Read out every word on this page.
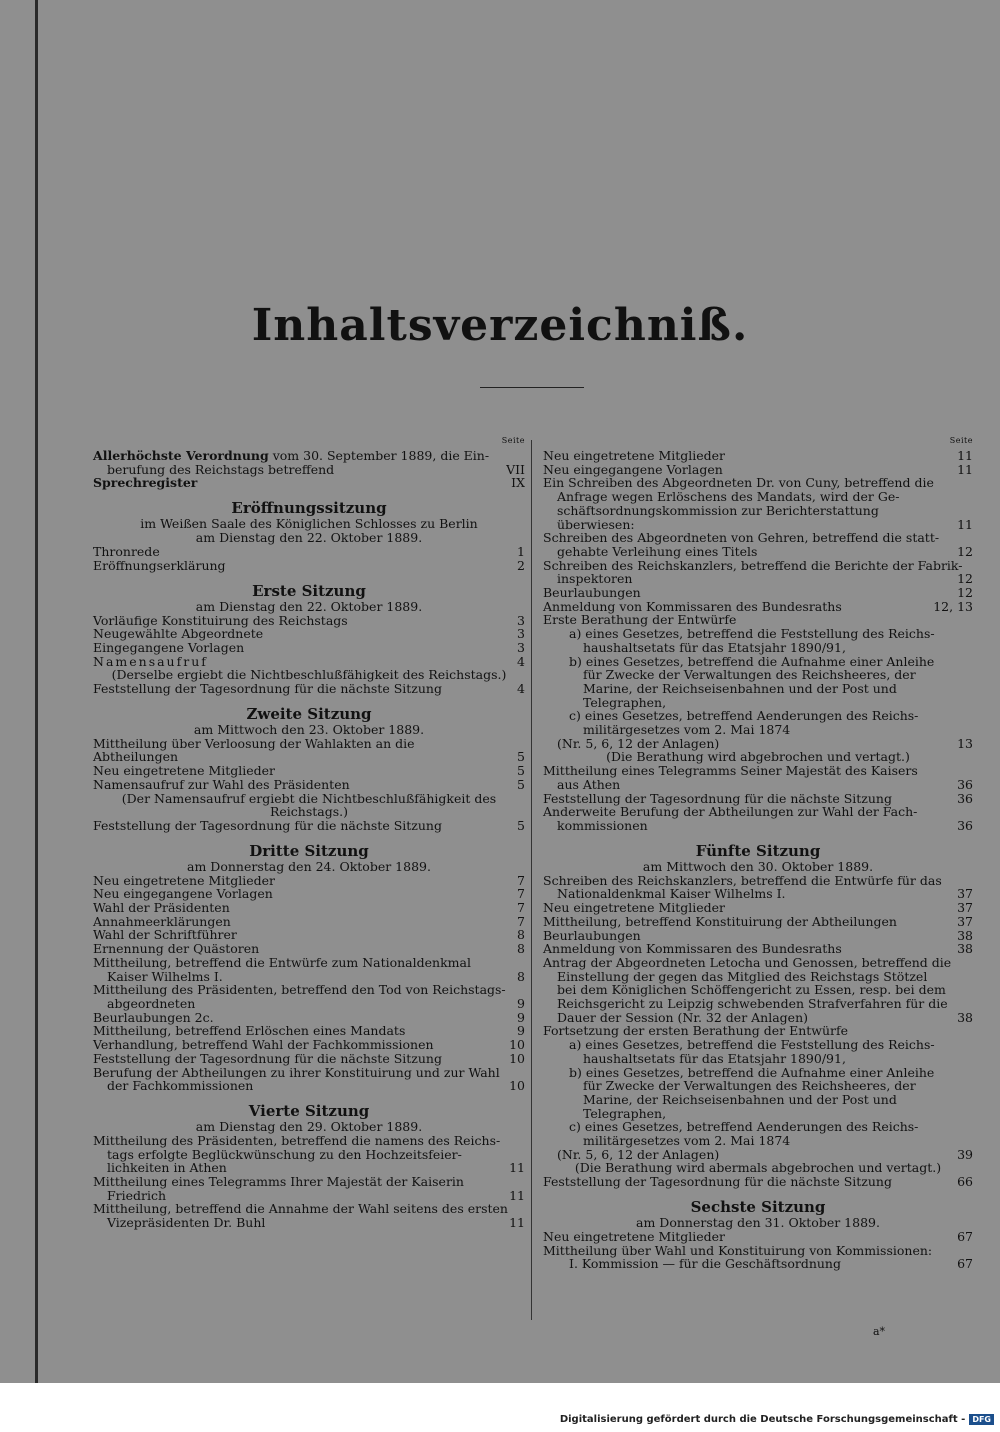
Inhaltsverzeichniß.
Seite
Allerhöchste Verordnung vom 30. September 1889, die Ein-
berufung des Reichstags betreffend	VII
Sprechregister	IX
Eröffnungssitzung
im Weißen Saale des Königlichen Schlosses zu Berlin
am Dienstag den 22. Oktober 1889.
Thronrede	1
Eröffnungserklärung	2
Erste Sitzung
am Dienstag den 22. Oktober 1889.
Vorläufige Konstituirung des Reichstags	3
Neugewählte Abgeordnete	3
Eingegangene Vorlagen	3
Namensaufruf	4
(Derselbe ergiebt die Nichtbeschlußfähigkeit des Reichstags.)
Feststellung der Tagesordnung für die nächste Sitzung	4
Zweite Sitzung
am Mittwoch den 23. Oktober 1889.
Mittheilung über Verloosung der Wahlakten an die Abtheilungen	5
Neu eingetretene Mitglieder	5
Namensaufruf zur Wahl des Präsidenten	5
(Der Namensaufruf ergiebt die Nichtbeschlußfähigkeit des
Reichstags.)
Feststellung der Tagesordnung für die nächste Sitzung	5
Dritte Sitzung
am Donnerstag den 24. Oktober 1889.
Neu eingetretene Mitglieder	7
Neu eingegangene Vorlagen	7
Wahl der Präsidenten	7
Annahmeerklärungen	7
Wahl der Schriftführer	8
Ernennung der Quästoren	8
Mittheilung, betreffend die Entwürfe zum Nationaldenkmal
Kaiser Wilhelms I.	8
Mittheilung des Präsidenten, betreffend den Tod von Reichstags-
abgeordneten	9
Beurlaubungen 2c.	9
Mittheilung, betreffend Erlöschen eines Mandats	9
Verhandlung, betreffend Wahl der Fachkommissionen	10
Feststellung der Tagesordnung für die nächste Sitzung	10
Berufung der Abtheilungen zu ihrer Konstituirung und zur Wahl
der Fachkommissionen	10
Vierte Sitzung
am Dienstag den 29. Oktober 1889.
Mittheilung des Präsidenten, betreffend die namens des Reichs-
tags erfolgte Beglückwünschung zu den Hochzeitsfeier-
lichkeiten in Athen	11
Mittheilung eines Telegramms Ihrer Majestät der Kaiserin
Friedrich	11
Mittheilung, betreffend die Annahme der Wahl seitens des ersten
Vizepräsidenten Dr. Buhl	11
Seite
Neu eingetretene Mitglieder	11
Neu eingegangene Vorlagen	11
Ein Schreiben des Abgeordneten Dr. von Cuny, betreffend die
Anfrage wegen Erlöschens des Mandats, wird der Ge-
schäftsordnungskommission zur Berichterstattung überwiesen:	11
Schreiben des Abgeordneten von Gehren, betreffend die statt-
gehabte Verleihung eines Titels	12
Schreiben des Reichskanzlers, betreffend die Berichte der Fabrik-
inspektoren	12
Beurlaubungen	12
Anmeldung von Kommissaren des Bundesraths	12, 13
Erste Berathung der Entwürfe
a) eines Gesetzes, betreffend die Feststellung des Reichs-
haushaltsetats für das Etatsjahr 1890/91,
b) eines Gesetzes, betreffend die Aufnahme einer Anleihe
für Zwecke der Verwaltungen des Reichsheeres, der
Marine, der Reichseisenbahnen und der Post und
Telegraphen,
c) eines Gesetzes, betreffend Aenderungen des Reichs-
militärgesetzes vom 2. Mai 1874
(Nr. 5, 6, 12 der Anlagen)	13
(Die Berathung wird abgebrochen und vertagt.)
Mittheilung eines Telegramms Seiner Majestät des Kaisers
aus Athen	36
Feststellung der Tagesordnung für die nächste Sitzung	36
Anderweite Berufung der Abtheilungen zur Wahl der Fach-
kommissionen	36
Fünfte Sitzung
am Mittwoch den 30. Oktober 1889.
Schreiben des Reichskanzlers, betreffend die Entwürfe für das
Nationaldenkmal Kaiser Wilhelms I.	37
Neu eingetretene Mitglieder	37
Mittheilung, betreffend Konstituirung der Abtheilungen	37
Beurlaubungen	38
Anmeldung von Kommissaren des Bundesraths	38
Antrag der Abgeordneten Letocha und Genossen, betreffend die
Einstellung der gegen das Mitglied des Reichstags Stötzel
bei dem Königlichen Schöffengericht zu Essen, resp. bei dem
Reichsgericht zu Leipzig schwebenden Strafverfahren für die
Dauer der Session (Nr. 32 der Anlagen)	38
Fortsetzung der ersten Berathung der Entwürfe
a) eines Gesetzes, betreffend die Feststellung des Reichs-
haushaltsetats für das Etatsjahr 1890/91,
b) eines Gesetzes, betreffend die Aufnahme einer Anleihe
für Zwecke der Verwaltungen des Reichsheeres, der
Marine, der Reichseisenbahnen und der Post und
Telegraphen,
c) eines Gesetzes, betreffend Aenderungen des Reichs-
militärgesetzes vom 2. Mai 1874
(Nr. 5, 6, 12 der Anlagen)	39
(Die Berathung wird abermals abgebrochen und vertagt.)
Feststellung der Tagesordnung für die nächste Sitzung	66
Sechste Sitzung
am Donnerstag den 31. Oktober 1889.
Neu eingetretene Mitglieder	67
Mittheilung über Wahl und Konstituirung von Kommissionen:
I. Kommission — für die Geschäftsordnung	67
a*
Digitalisierung gefördert durch die Deutsche Forschungsgemeinschaft - DFG
